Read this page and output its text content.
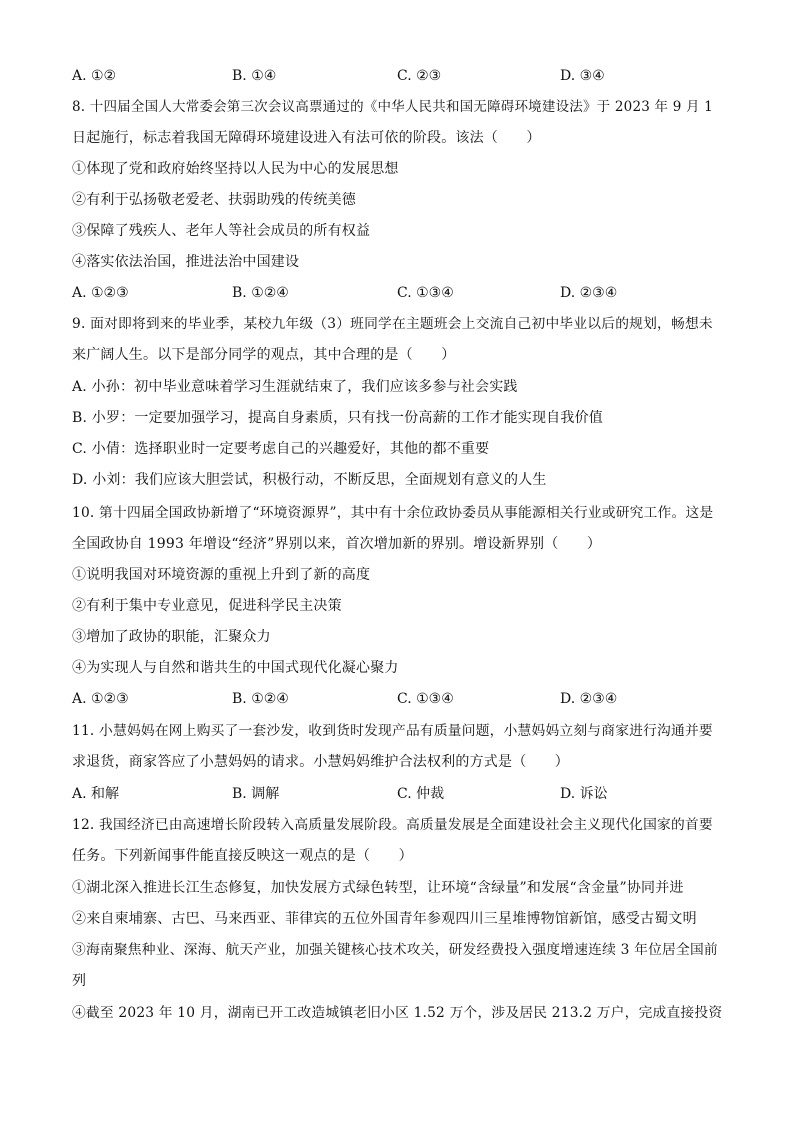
A. ①②	B. ①④	C. ②③	D. ③④
8. 十四届全国人大常委会第三次会议高票通过的《中华人民共和国无障碍环境建设法》于 2023 年 9 月 1
日起施行，标志着我国无障碍环境建设进入有法可依的阶段。该法（　　）
①体现了党和政府始终坚持以人民为中心的发展思想
②有利于弘扬敬老爱老、扶弱助残的传统美德
③保障了残疾人、老年人等社会成员的所有权益
④落实依法治国，推进法治中国建设
A. ①②③	B. ①②④	C. ①③④	D. ②③④
9. 面对即将到来的毕业季，某校九年级（3）班同学在主题班会上交流自己初中毕业以后的规划，畅想未
来广阔人生。以下是部分同学的观点，其中合理的是（　　）
A. 小孙：初中毕业意味着学习生涯就结束了，我们应该多参与社会实践
B. 小罗：一定要加强学习，提高自身素质，只有找一份高薪的工作才能实现自我价值
C. 小倩：选择职业时一定要考虑自己的兴趣爱好，其他的都不重要
D. 小刘：我们应该大胆尝试，积极行动，不断反思，全面规划有意义的人生
10. 第十四届全国政协新增了“环境资源界”，其中有十余位政协委员从事能源相关行业或研究工作。这是
全国政协自 1993 年增设“经济”界别以来，首次增加新的界别。增设新界别（　　）
①说明我国对环境资源的重视上升到了新的高度
②有利于集中专业意见，促进科学民主决策
③增加了政协的职能，汇聚众力
④为实现人与自然和谐共生的中国式现代化凝心聚力
A. ①②③	B. ①②④	C. ①③④	D. ②③④
11. 小慧妈妈在网上购买了一套沙发，收到货时发现产品有质量问题，小慧妈妈立刻与商家进行沟通并要
求退货，商家答应了小慧妈妈的请求。小慧妈妈维护合法权利的方式是（　　）
A. 和解	B. 调解	C. 仲裁	D. 诉讼
12. 我国经济已由高速增长阶段转入高质量发展阶段。高质量发展是全面建设社会主义现代化国家的首要
任务。下列新闻事件能直接反映这一观点的是（　　）
①湖北深入推进长江生态修复，加快发展方式绿色转型，让环境“含绿量”和发展“含金量”协同并进
②来自柬埔寨、古巴、马来西亚、菲律宾的五位外国青年参观四川三星堆博物馆新馆，感受古蜀文明
③海南聚焦种业、深海、航天产业，加强关键核心技术攻关，研发经费投入强度增速连续 3 年位居全国前
列
④截至 2023 年 10 月，湖南已开工改造城镇老旧小区 1.52 万个，涉及居民 213.2 万户，完成直接投资
